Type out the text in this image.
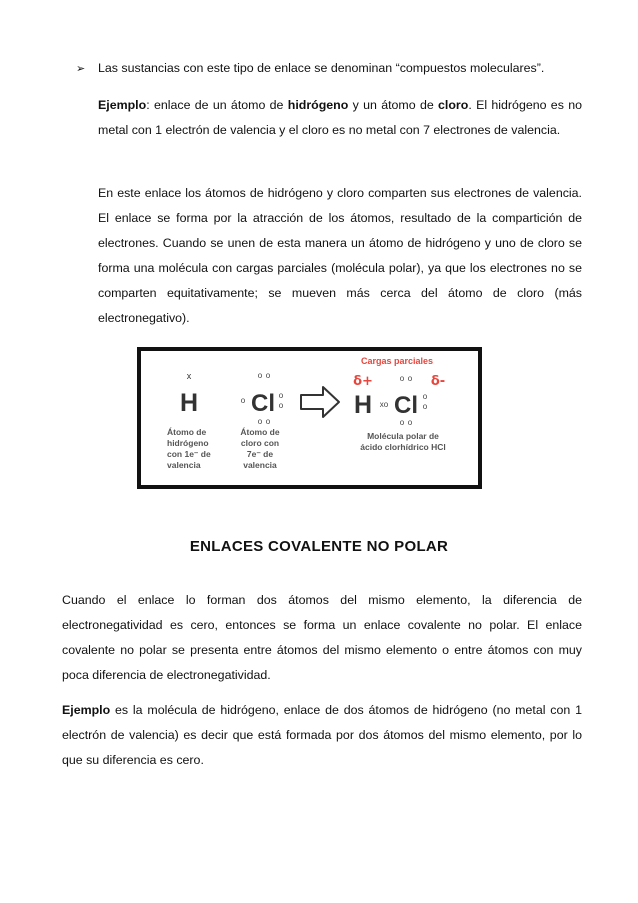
➢ Las sustancias con este tipo de enlace se denominan “compuestos moleculares”.

Ejemplo: enlace de un átomo de hidrógeno y un átomo de cloro. El hidrógeno es no metal con 1 electrón de valencia y el cloro es no metal con 7 electrones de valencia.

En este enlace los átomos de hidrógeno y cloro comparten sus electrones de valencia. El enlace se forma por la atracción de los átomos, resultado de la compartición de electrones. Cuando se unen de esta manera un átomo de hidrógeno y uno de cloro se forma una molécula con cargas parciales (molécula polar), ya que los electrones no se comparten equitativamente; se mueven más cerca del átomo de cloro (más electronegativo).

x
H
Átomo de
hidrógeno
con 1e⁻ de
valencia
o o
o
o
o
o o
Cl
Átomo de
cloro con
7e⁻ de
valencia
Cargas parciales
δ+	δ-
H xo
o o
o
o
o o
Cl
Molécula polar de
ácido clorhídrico HCl
ENLACES COVALENTE NO POLAR

Cuando el enlace lo forman dos átomos del mismo elemento, la diferencia de electronegatividad es cero, entonces se forma un enlace covalente no polar. El enlace covalente no polar se presenta entre átomos del mismo elemento o entre átomos con muy poca diferencia de electronegatividad.

Ejemplo es la molécula de hidrógeno, enlace de dos átomos de hidrógeno (no metal con 1 electrón de valencia) es decir que está formada por dos átomos del mismo elemento, por lo que su diferencia es cero.
